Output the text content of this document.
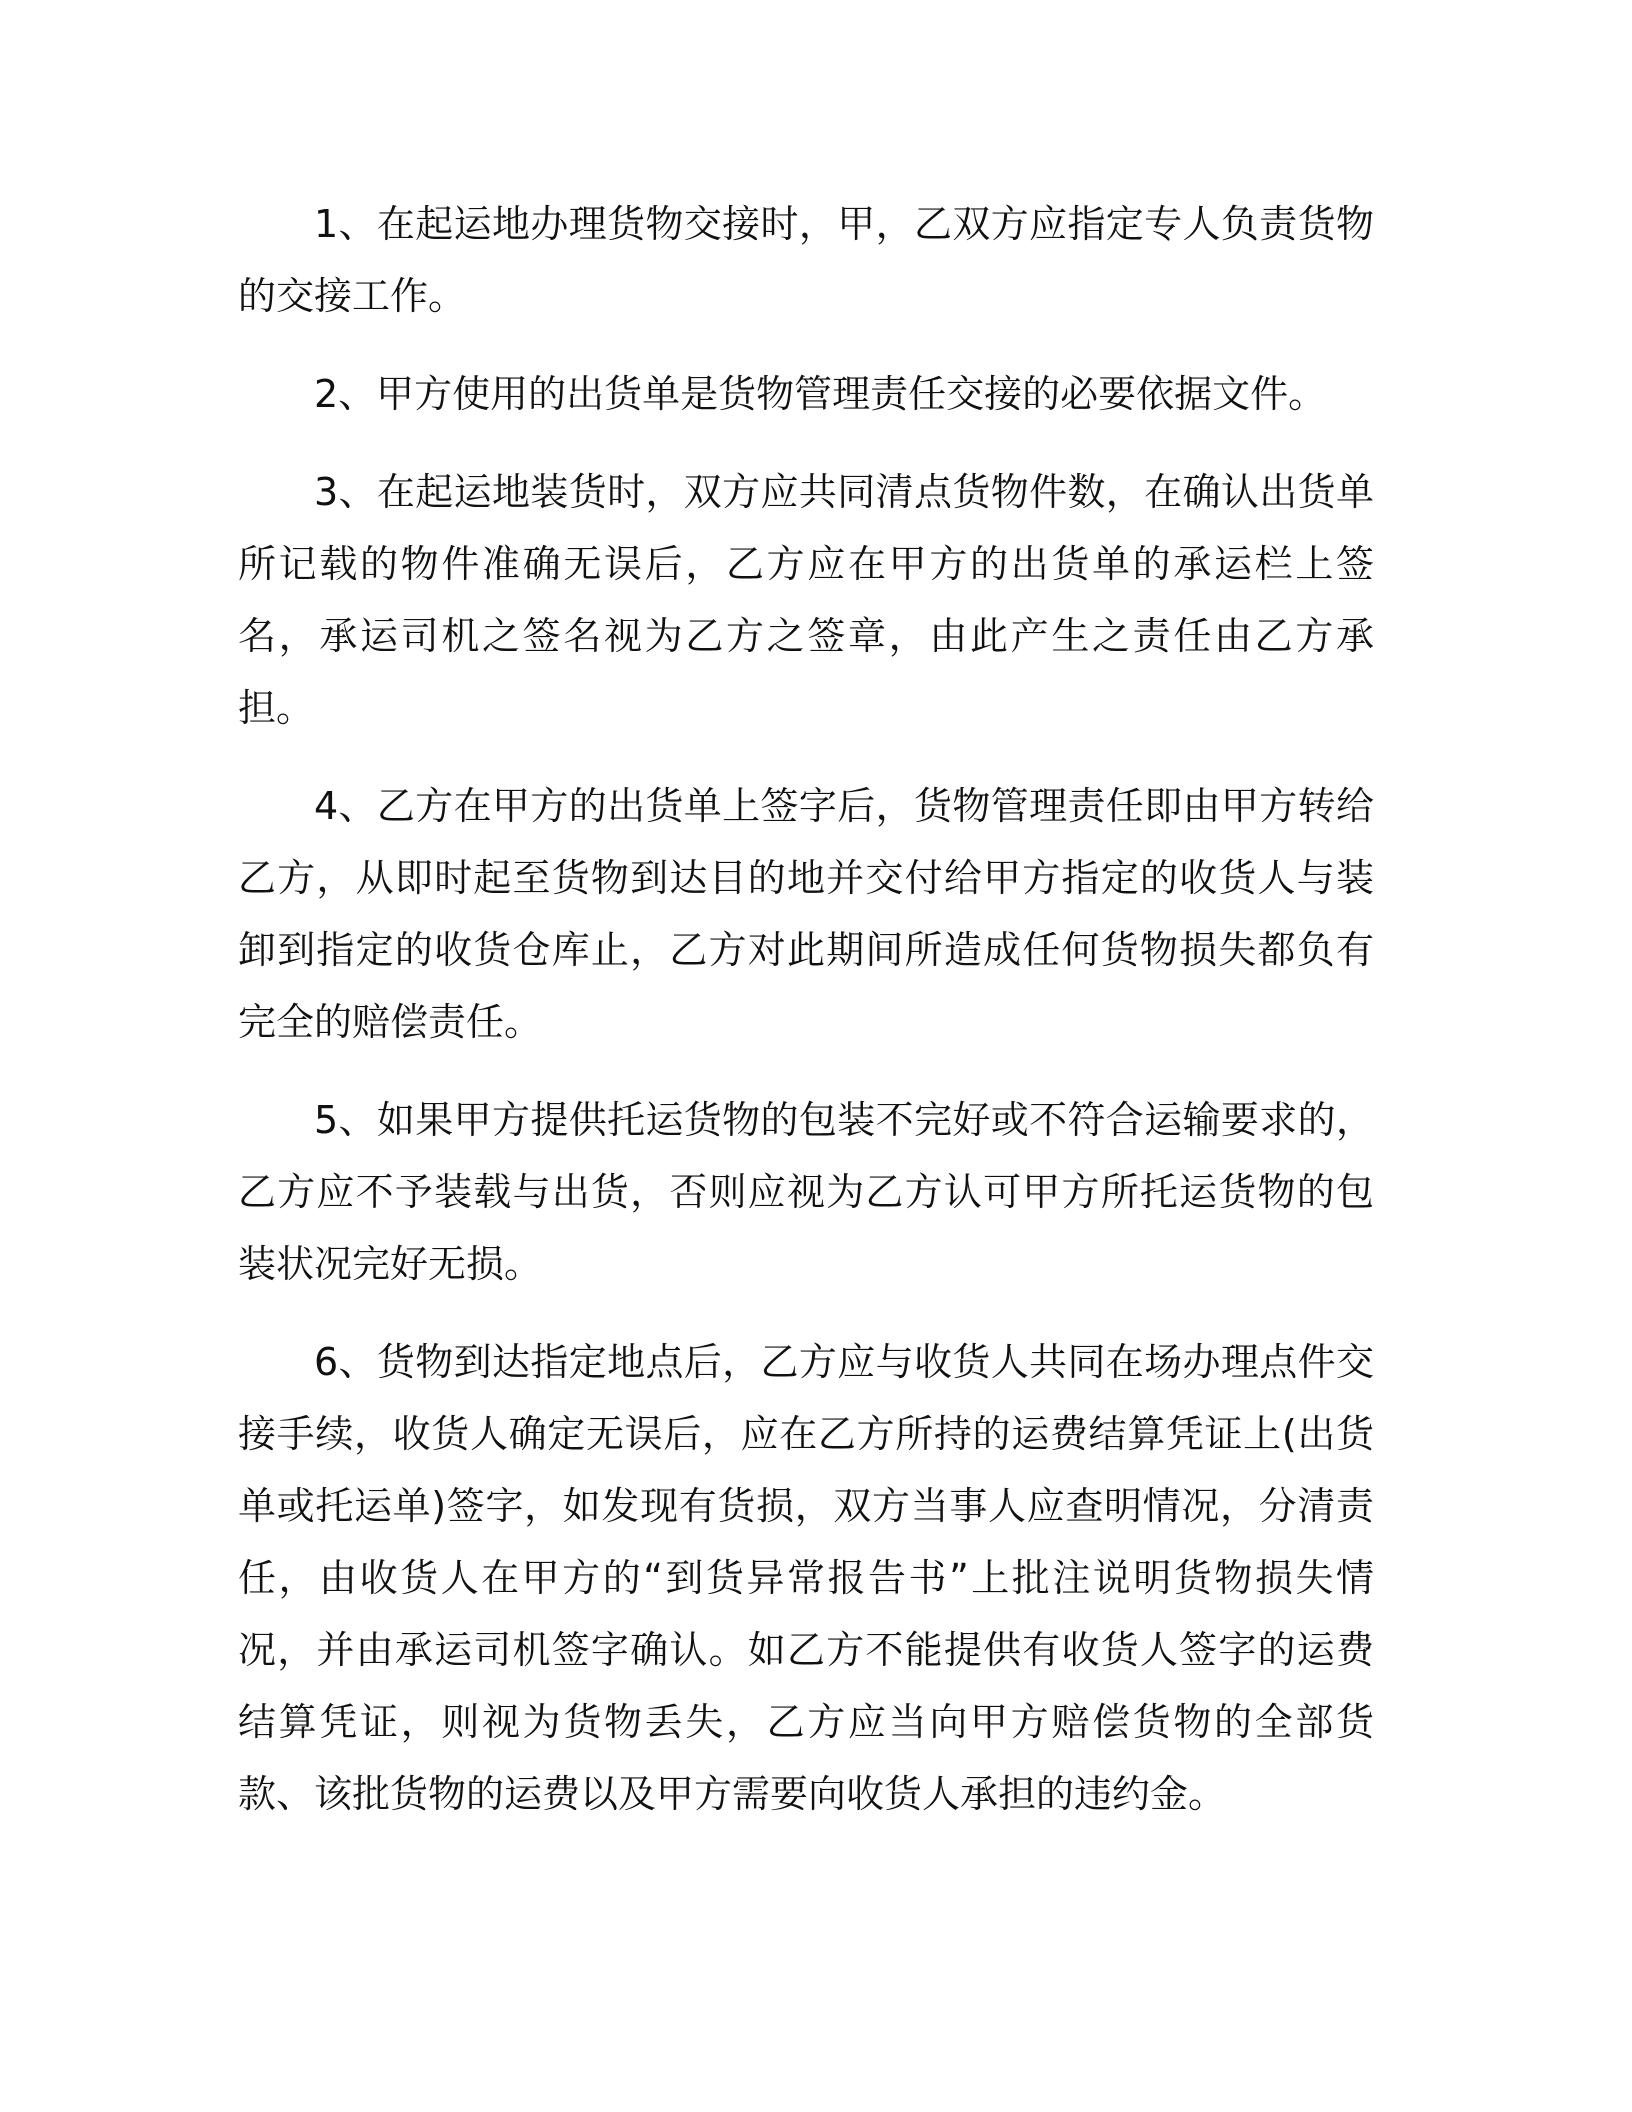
1、在起运地办理货物交接时，甲，乙双方应指定专人负责货物的交接工作。

2、甲方使用的出货单是货物管理责任交接的必要依据文件。

3、在起运地装货时，双方应共同清点货物件数，在确认出货单所记载的物件准确无误后，乙方应在甲方的出货单的承运栏上签名，承运司机之签名视为乙方之签章，由此产生之责任由乙方承担。

4、乙方在甲方的出货单上签字后，货物管理责任即由甲方转给乙方，从即时起至货物到达目的地并交付给甲方指定的收货人与装卸到指定的收货仓库止，乙方对此期间所造成任何货物损失都负有完全的赔偿责任。

5、如果甲方提供托运货物的包装不完好或不符合运输要求的，乙方应不予装载与出货，否则应视为乙方认可甲方所托运货物的包装状况完好无损。

6、货物到达指定地点后，乙方应与收货人共同在场办理点件交接手续，收货人确定无误后，应在乙方所持的运费结算凭证上(出货单或托运单)签字，如发现有货损，双方当事人应查明情况，分清责任，由收货人在甲方的“到货异常报告书”上批注说明货物损失情况，并由承运司机签字确认。如乙方不能提供有收货人签字的运费结算凭证，则视为货物丢失，乙方应当向甲方赔偿货物的全部货款、该批货物的运费以及甲方需要向收货人承担的违约金。
